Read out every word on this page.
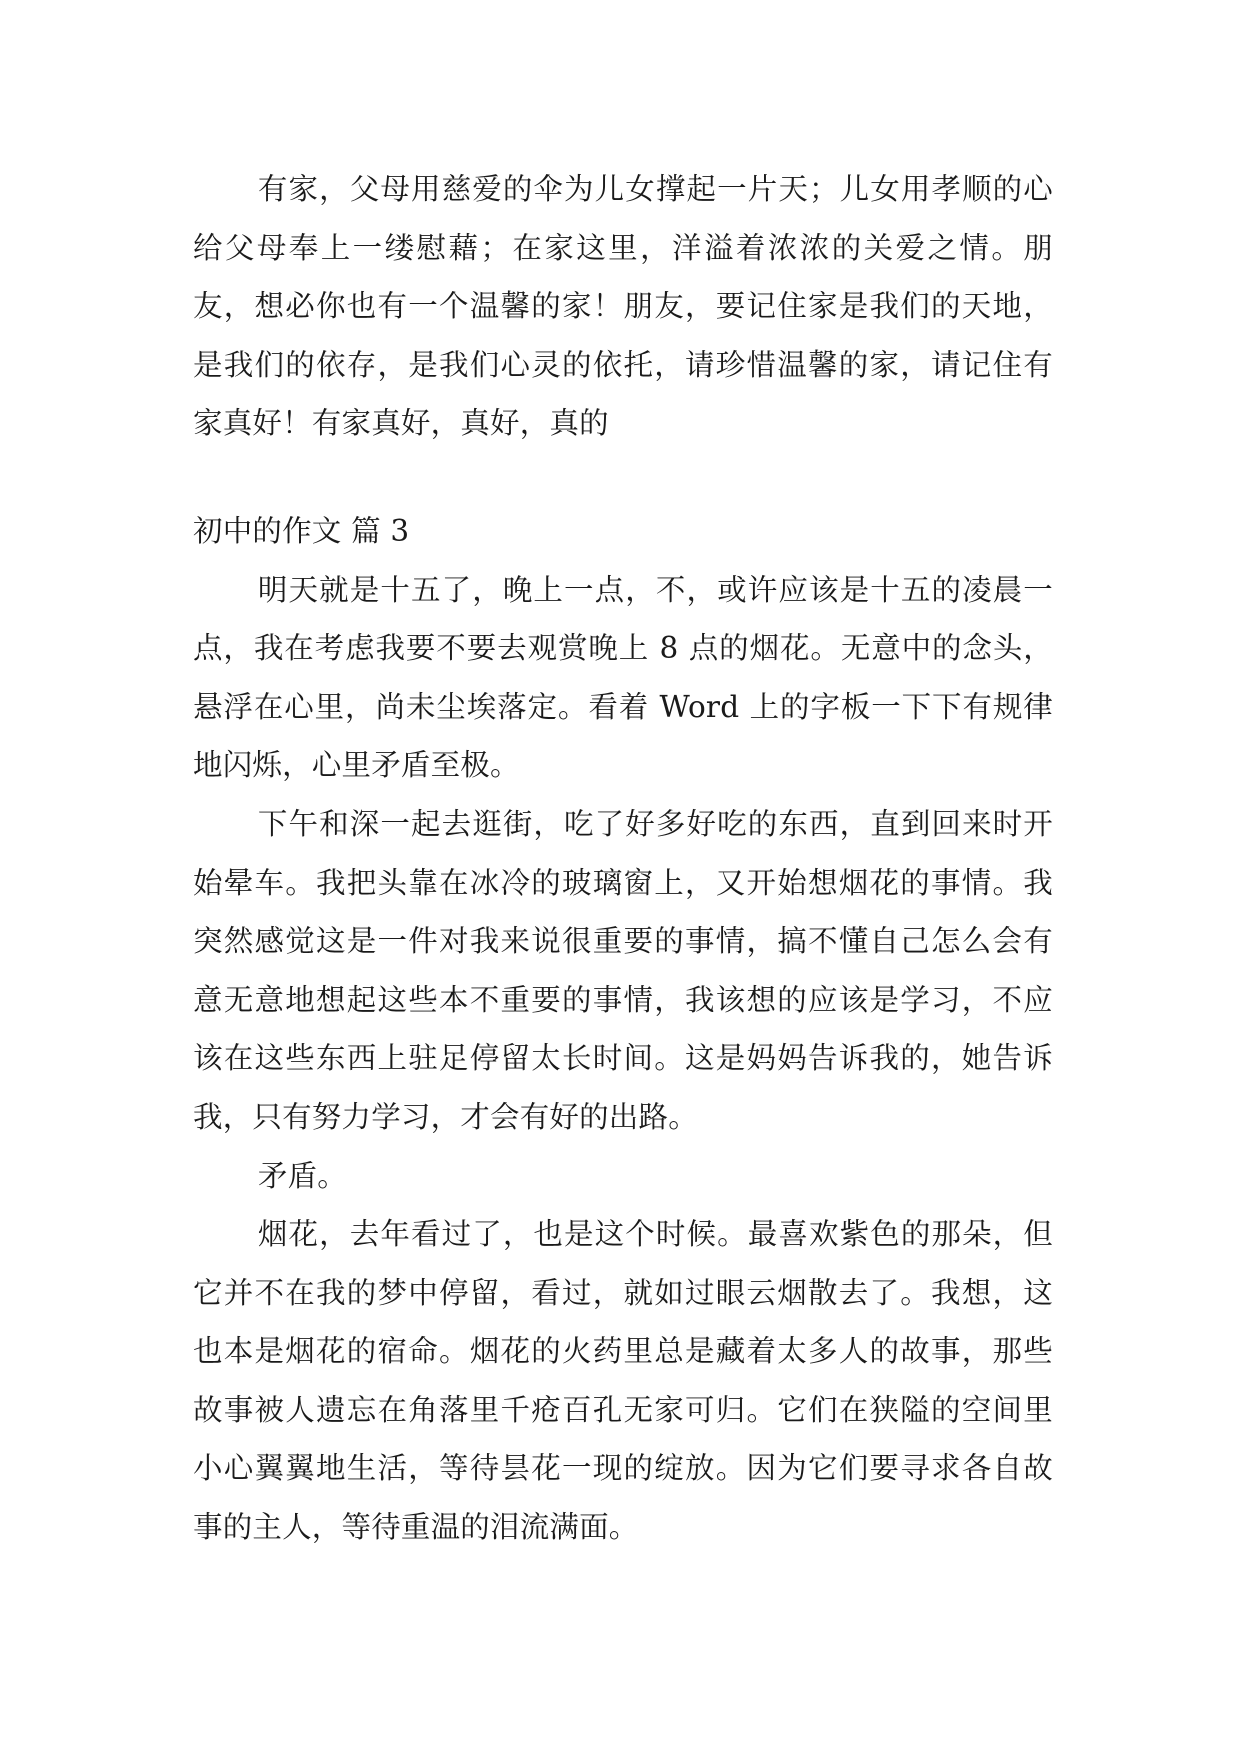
有家，父母用慈爱的伞为儿女撑起一片天；儿女用孝顺的心给父母奉上一缕慰藉；在家这里，洋溢着浓浓的关爱之情。朋友，想必你也有一个温馨的家！朋友，要记住家是我们的天地，是我们的依存，是我们心灵的依托，请珍惜温馨的家，请记住有家真好！有家真好，真好，真的

初中的作文 篇 3

明天就是十五了，晚上一点，不，或许应该是十五的凌晨一点，我在考虑我要不要去观赏晚上 8 点的烟花。无意中的念头，悬浮在心里，尚未尘埃落定。看着 Word 上的字板一下下有规律地闪烁，心里矛盾至极。

下午和深一起去逛街，吃了好多好吃的东西，直到回来时开始晕车。我把头靠在冰冷的玻璃窗上，又开始想烟花的事情。我突然感觉这是一件对我来说很重要的事情，搞不懂自己怎么会有意无意地想起这些本不重要的事情，我该想的应该是学习，不应该在这些东西上驻足停留太长时间。这是妈妈告诉我的，她告诉我，只有努力学习，才会有好的出路。

矛盾。

烟花，去年看过了，也是这个时候。最喜欢紫色的那朵，但它并不在我的梦中停留，看过，就如过眼云烟散去了。我想，这也本是烟花的宿命。烟花的火药里总是藏着太多人的故事，那些故事被人遗忘在角落里千疮百孔无家可归。它们在狭隘的空间里小心翼翼地生活，等待昙花一现的绽放。因为它们要寻求各自故事的主人，等待重温的泪流满面。
